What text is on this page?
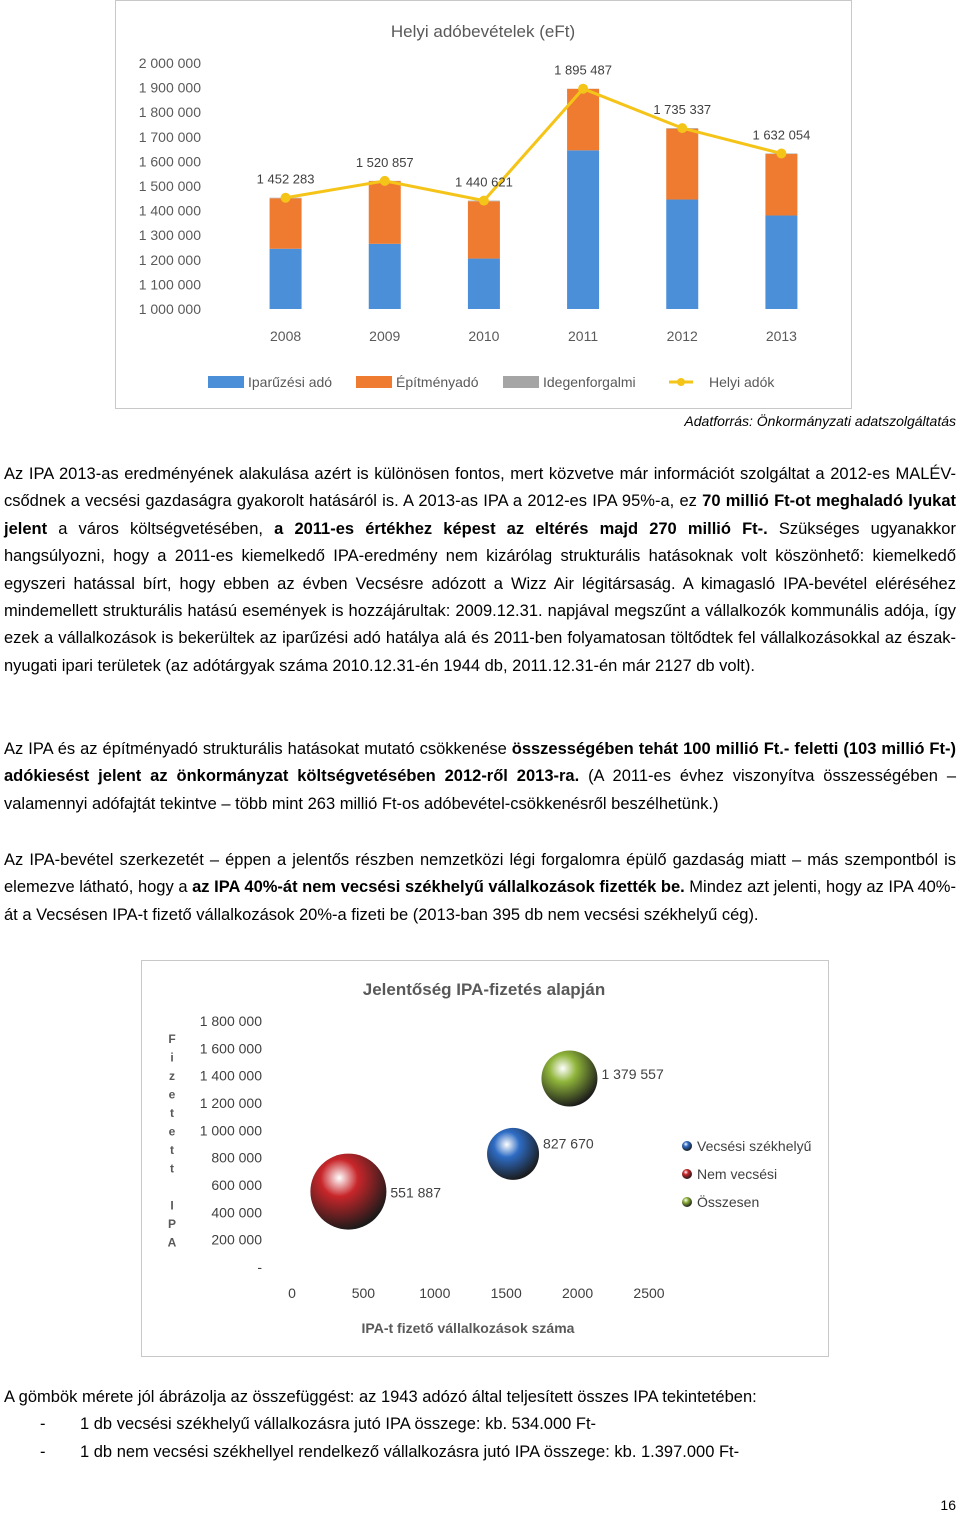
Helyi adóbevételek (eFt)
1 000 000
1 100 000
1 200 000
1 300 000
1 400 000
1 500 000
1 600 000
1 700 000
1 800 000
1 900 000
2 000 000
2008	2009	2010	2011	2012	2013
1 452 283
1 520 857
1 440 621
1 895 487
1 735 337
1 632 054
Iparűzési adó	Építményadó	Idegenforgalmi	Helyi adók
Adatforrás: Önkormányzati adatszolgáltatás

Az IPA 2013-as eredményének alakulása azért is különösen fontos, mert közvetve már információt szolgáltat a 2012-es MALÉV-csődnek a vecsési gazdaságra gyakorolt hatásáról is. A 2013-as IPA a 2012-es IPA 95%-a, ez 70 millió Ft-ot meghaladó lyukat jelent a város költségvetésében, a 2011-es értékhez képest az eltérés majd 270 millió Ft-. Szükséges ugyanakkor hangsúlyozni, hogy a 2011-es kiemelkedő IPA-eredmény nem kizárólag strukturális hatásoknak volt köszönhető: kiemelkedő egyszeri hatással bírt, hogy ebben az évben Vecsésre adózott a Wizz Air légitársaság. A kimagasló IPA-bevétel eléréséhez mindemellett strukturális hatású események is hozzájárultak: 2009.12.31. napjával megszűnt a vállalkozók kommunális adója, így ezek a vállalkozások is bekerültek az iparűzési adó hatálya alá és 2011-ben folyamatosan töltődtek fel vállalkozásokkal az észak-nyugati ipari területek (az adótárgyak száma 2010.12.31-én 1944 db, 2011.12.31-én már 2127 db volt).

Az IPA és az építményadó strukturális hatásokat mutató csökkenése összességében tehát 100 millió Ft.- feletti (103 millió Ft-) adókiesést jelent az önkormányzat költségvetésében 2012-ről 2013-ra. (A 2011-es évhez viszonyítva összességében – valamennyi adófajtát tekintve – több mint 263 millió Ft-os adóbevétel-csökkenésről beszélhetünk.)

Az IPA-bevétel szerkezetét – éppen a jelentős részben nemzetközi légi forgalomra épülő gazdaság miatt – más szempontból is elemezve látható, hogy a az IPA 40%-át nem vecsési székhelyű vállalkozások fizették be. Mindez azt jelenti, hogy az IPA 40%-át a Vecsésen IPA-t fizető vállalkozások 20%-a fizeti be (2013-ban 395 db nem vecsési székhelyű cég).

Jelentőség IPA-fizetés alapján
-
200 000
400 000
600 000
800 000
1 000 000
1 200 000
1 400 000
1 600 000
1 800 000
0	500	1000	1500	2000	2500
IPA-t fizető vállalkozások száma
F i z e t e t t I P A
827 670
551 887
1 379 557
Vecsési székhelyű
Nem vecsési
Összesen

A gömbök mérete jól ábrázolja az összefüggést: az 1943 adózó által teljesített összes IPA tekintetében:

- 1 db vecsési székhelyű vállalkozásra jutó IPA összege: kb. 534.000 Ft-
- 1 db nem vecsési székhellyel rendelkező vállalkozásra jutó IPA összege: kb. 1.397.000 Ft-
16
